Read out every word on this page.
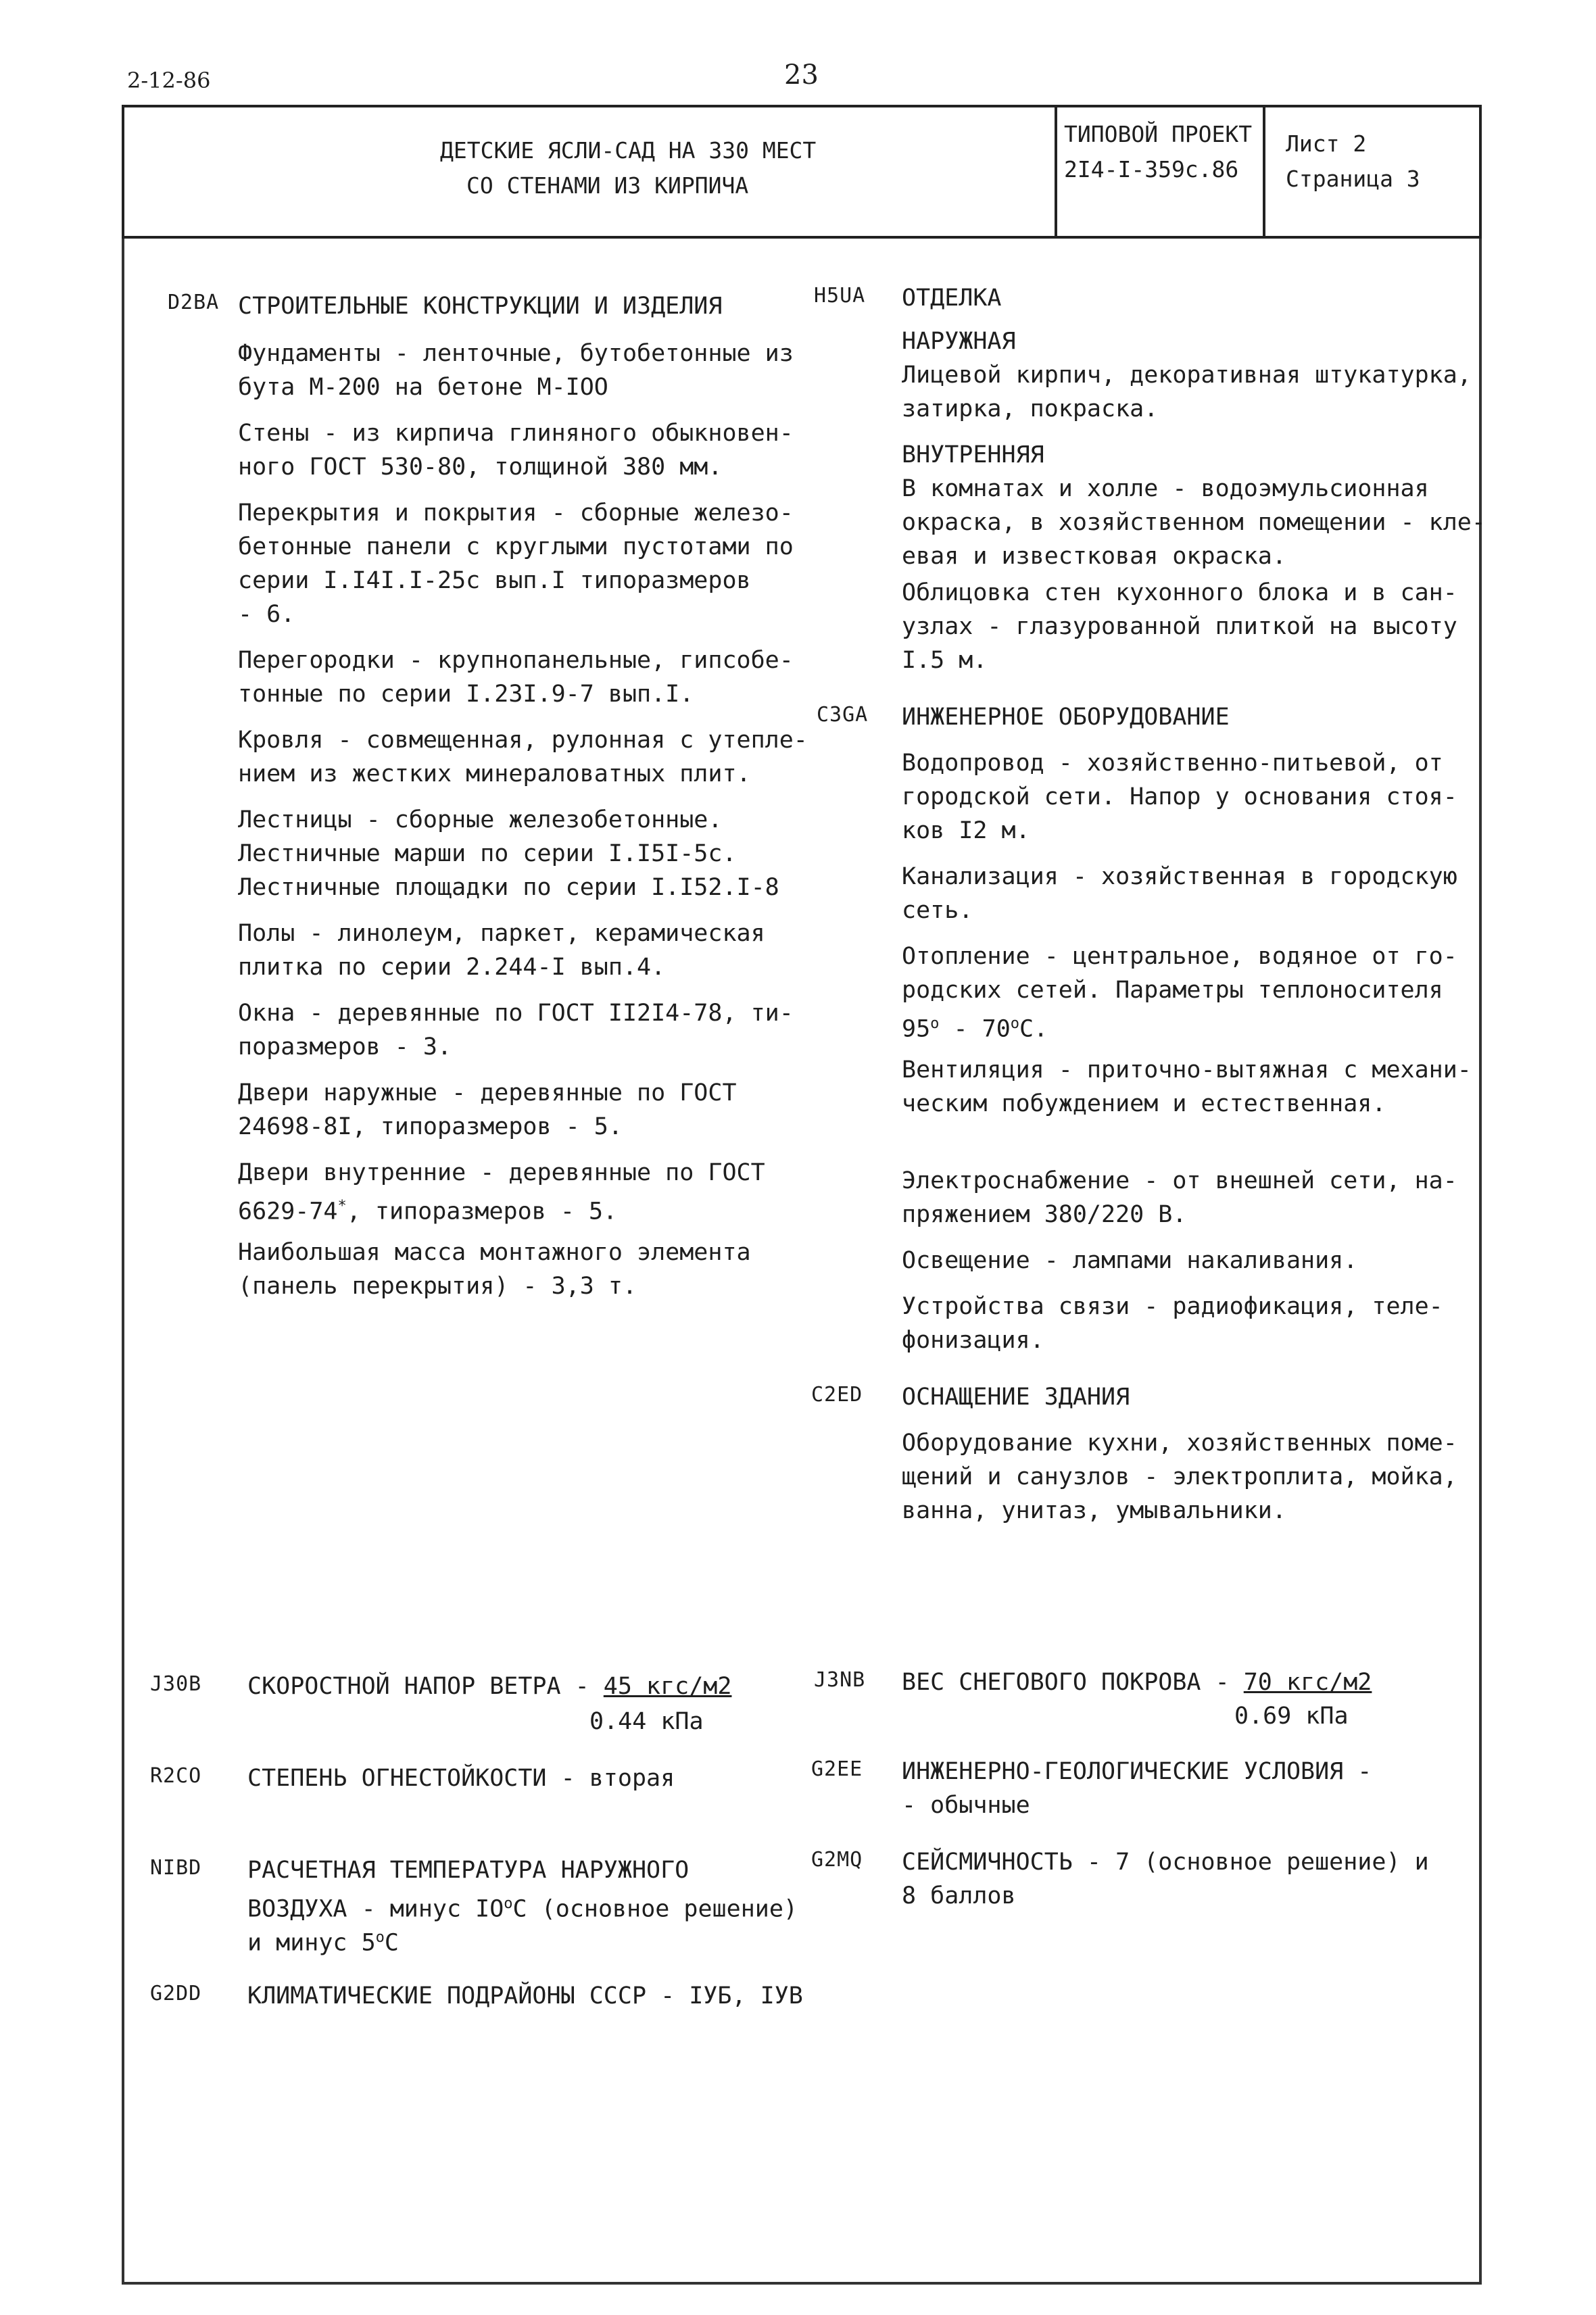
2-12-86	23
ДЕТСКИЕ ЯСЛИ-САД НА 330 МЕСТ
СО СТЕНАМИ ИЗ КИРПИЧА
ТИПОВОЙ ПРОЕКТ
2I4-I-359с.86
Лист 2
Страница 3
D2BA СТРОИТЕЛЬНЫЕ КОНСТРУКЦИИ И ИЗДЕЛИЯ
Фундаменты - ленточные, бутобетонные из
бута М-200 на бетоне М-IOO
Стены - из кирпича глиняного обыкновен-
ного ГОСТ 530-80, толщиной 380 мм.
Перекрытия и покрытия - сборные железо-
бетонные панели с круглыми пустотами по
серии I.I4I.I-25с вып.I типоразмеров
- 6.
Перегородки - крупнопанельные, гипсобе-
тонные по серии I.23I.9-7 вып.I.
Кровля - совмещенная, рулонная с утепле-
нием из жестких минераловатных плит.
Лестницы - сборные железобетонные.
Лестничные марши по серии I.I5I-5с.
Лестничные площадки по серии I.I52.I-8
Полы - линолеум, паркет, керамическая
плитка по серии 2.244-I вып.4.
Окна - деревянные по ГОСТ II2I4-78, ти-
поразмеров - 3.
Двери наружные - деревянные по ГОСТ
24698-8I, типоразмеров - 5.
Двери внутренние - деревянные по ГОСТ
6629-74*, типоразмеров - 5.
Наибольшая масса монтажного элемента
(панель перекрытия) - 3,3 т.
H5UA ОТДЕЛКА
НАРУЖНАЯ
Лицевой кирпич, декоративная штукатурка,
затирка, покраска.
ВНУТРЕННЯЯ
В комнатах и холле - водоэмульсионная
окраска, в хозяйственном помещении - кле-
евая и известковая окраска.
Облицовка стен кухонного блока и в сан-
узлах - глазурованной плиткой на высоту
I.5 м.
C3GA ИНЖЕНЕРНОЕ ОБОРУДОВАНИЕ
Водопровод - хозяйственно-питьевой, от
городской сети. Напор у основания стоя-
ков I2 м.
Канализация - хозяйственная в городскую
сеть.
Отопление - центральное, водяное от го-
родских сетей. Параметры теплоносителя
$95^о - 70^оС$.
Вентиляция - приточно-вытяжная с механи-
ческим побуждением и естественная.
Электроснабжение - от внешней сети, на-
пряжением 380/220 В.
Освещение - лампами накаливания.
Устройства связи - радиофикация, теле-
фонизация.
C2ED ОСНАЩЕНИЕ ЗДАНИЯ
Оборудование кухни, хозяйственных поме-
щений и санузлов - электроплита, мойка,
ванна, унитаз, умывальники.
J30B СКОРОСТНОЙ НАПОР ВЕТРА - 45 кгс/м2
0.44 кПа
R2CO СТЕПЕНЬ ОГНЕСТОЙКОСТИ - вторая
NIBD РАСЧЕТНАЯ ТЕМПЕРАТУРА НАРУЖНОГО
ВОЗДУХА - минус $IO^оС$ (основное решение)
и минус $5^оС$
G2DD КЛИМАТИЧЕСКИЕ ПОДРАЙОНЫ СССР - IУБ, IУВ
J3NB ВЕС СНЕГОВОГО ПОКРОВА - 70 кгс/м2
0.69 кПа
G2EE ИНЖЕНЕРНО-ГЕОЛОГИЧЕСКИЕ УСЛОВИЯ -
- обычные
G2MQ СЕЙСМИЧНОСТЬ - 7 (основное решение) и
8 баллов
